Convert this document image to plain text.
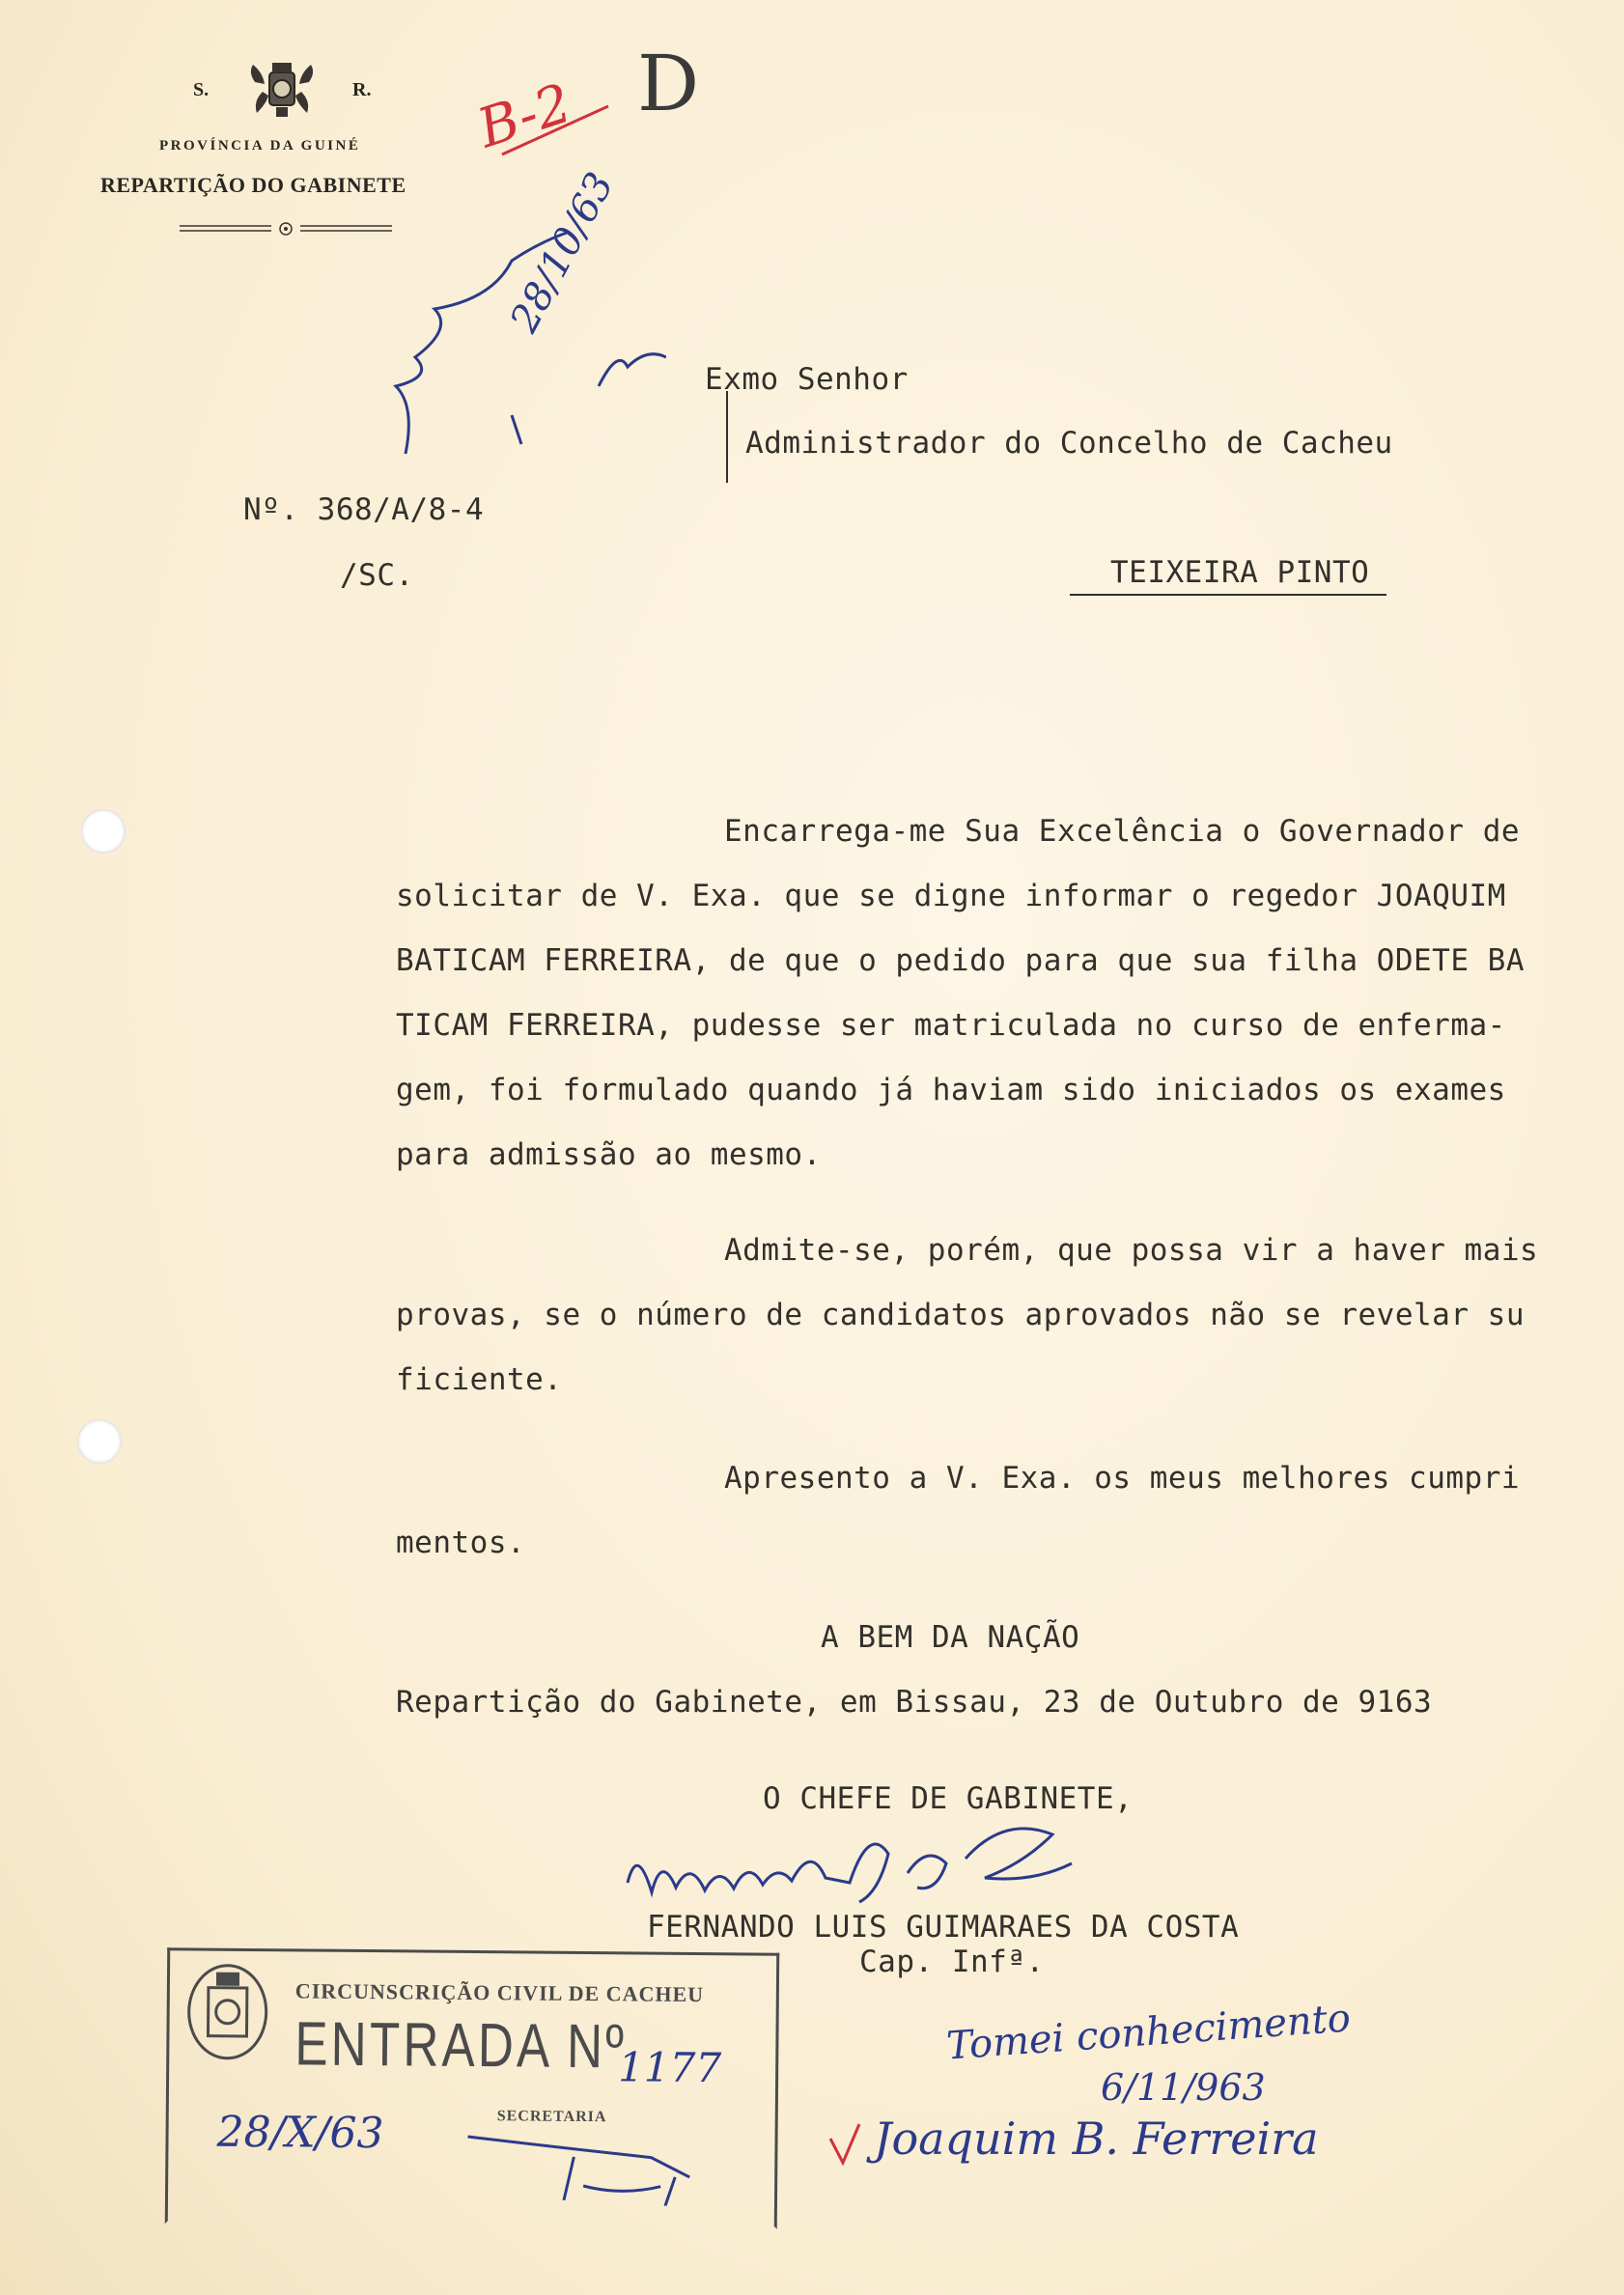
S.	R.
PROVÍNCIA DA GUINÉ
REPARTIÇÃO DO GABINETE
B-2 D
28/10/63
Nº. 368/A/8-4
/SC.
Exmo Senhor
Administrador do Concelho de Cacheu
TEIXEIRA PINTO
Encarrega-me Sua Excelência o Governador de
solicitar de V. Exa. que se digne informar o regedor JOAQUIM
BATICAM FERREIRA, de que o pedido para que sua filha ODETE BA
TICAM FERREIRA, pudesse ser matriculada no curso de enferma-
gem, foi formulado quando já haviam sido iniciados os exames
para admissão ao mesmo.
Admite-se, porém, que possa vir a haver mais
provas, se o número de candidatos aprovados não se revelar su
ficiente.
Apresento a V. Exa. os meus melhores cumpri
mentos.
A BEM DA NAÇÃO
Repartição do Gabinete, em Bissau, 23 de Outubro de 9163
O CHEFE DE GABINETE,
FERNANDO LUIS GUIMARAES DA COSTA
Cap. Infª.
CIRCUNSCRIÇÃO CIVIL DE CACHEU
ENTRADA Nº
1177
SECRETARIA
28/X/63
Tomei conhecimento
6/11/963
Joaquim B. Ferreira
